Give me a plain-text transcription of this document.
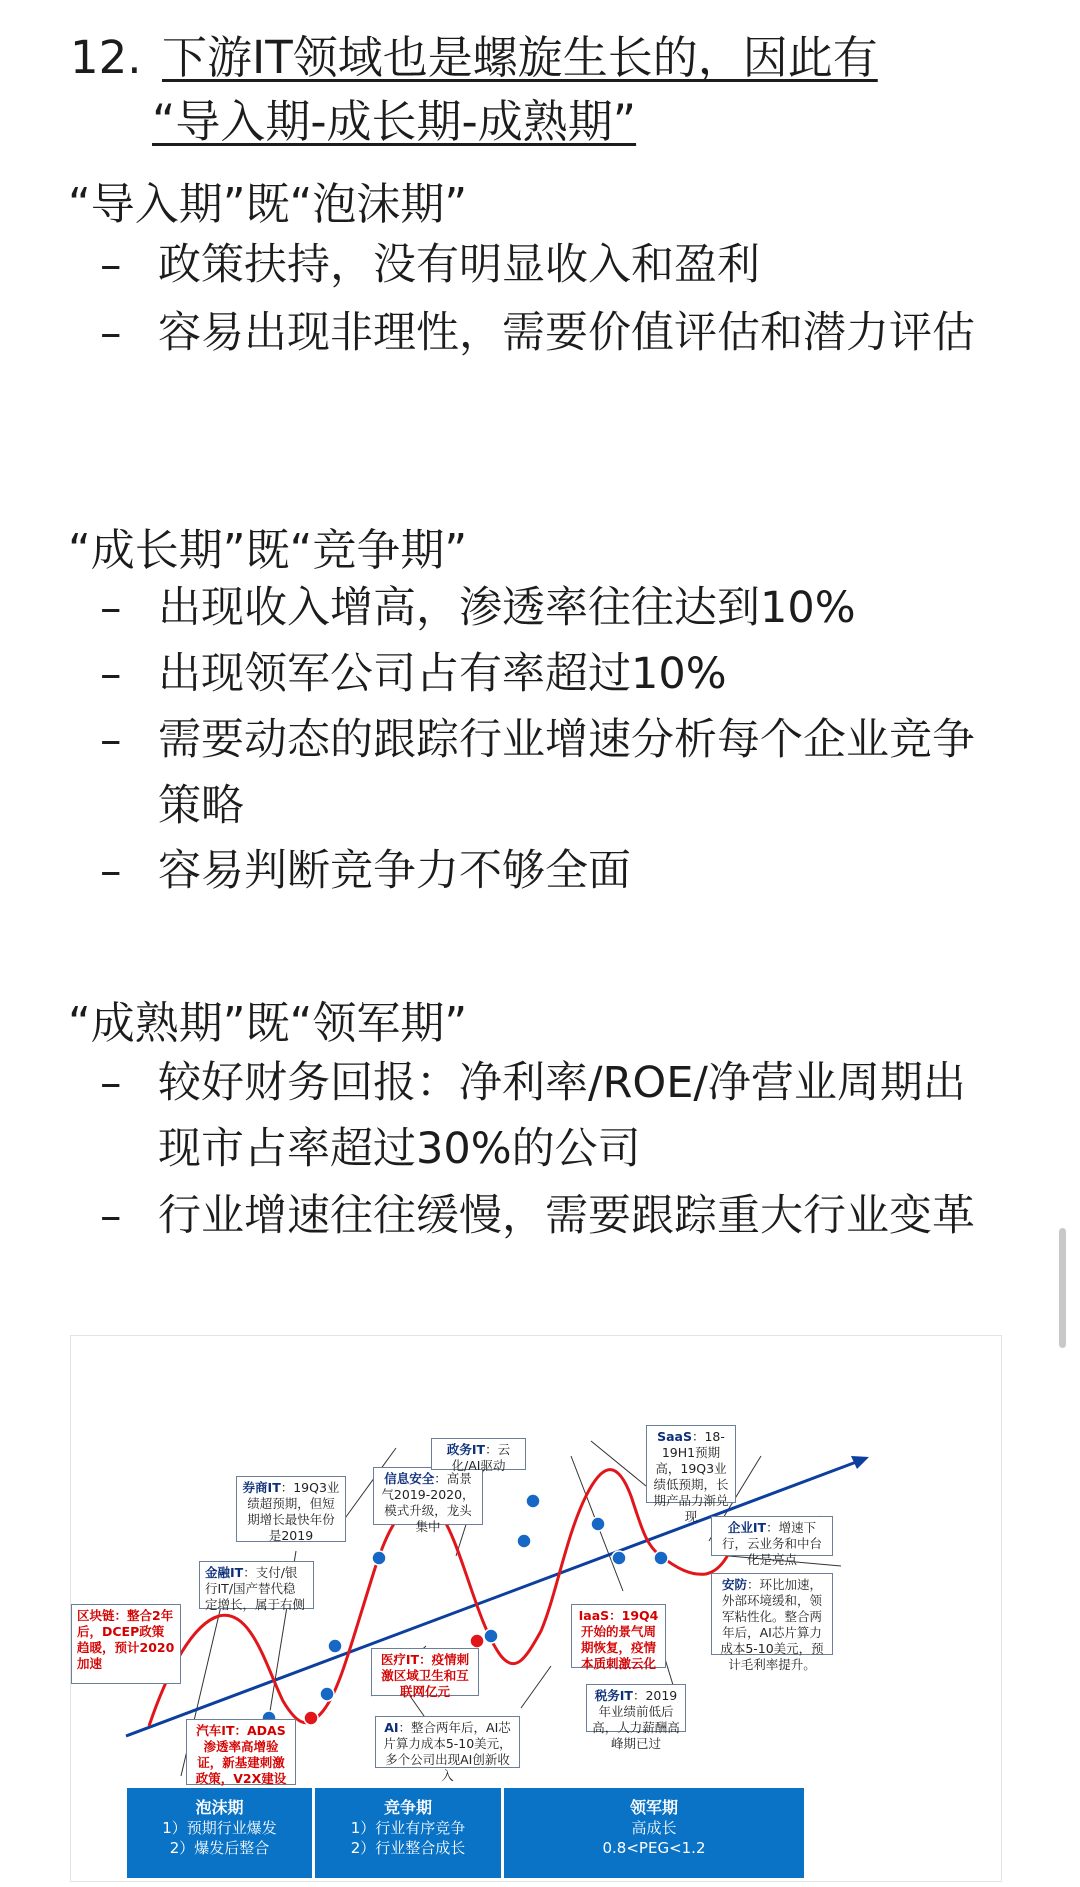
12. 下游IT领域也是螺旋生长的，因此有
“导入期-成长期-成熟期”
“导入期”既“泡沫期”
– 政策扶持，没有明显收入和盈利
– 容易出现非理性，需要价值评估和潜力评估
“成长期”既“竞争期”
– 出现收入增高，渗透率往往达到10%
– 出现领军公司占有率超过10%
– 需要动态的跟踪行业增速分析每个企业竞争策略
– 容易判断竞争力不够全面
“成熟期”既“领军期”
– 较好财务回报：净利率/ROE/净营业周期出现市占率超过30%的公司
– 行业增速往往缓慢，需要跟踪重大行业变革
区块链：整合2年后，DCEP政策趋暖，预计2020加速
金融IT：支付/银行IT/国产替代稳定增长，属于右侧
券商IT：19Q3业绩超预期，但短期增长最快年份是2019
信息安全：高景气2019-2020，模式升级，龙头集中
政务IT：云化/AI驱动
SaaS：18-19H1预期高，19Q3业绩低预期，长期产品力渐兑现
企业IT：增速下行，云业务和中台化是亮点
安防：环比加速，外部环境缓和，领军粘性化。整合两年后，AI芯片算力成本5-10美元，预计毛利率提升。
IaaS：19Q4开始的景气周期恢复，疫情本质刺激云化
税务IT：2019年业绩前低后高，人力薪酬高峰期已过
医疗IT：疫情刺激区域卫生和互联网亿元
AI：整合两年后，AI芯片算力成本5-10美元，多个公司出现AI创新收入
汽车IT：ADAS渗透率高增验证，新基建刺激政策，V2X建设
泡沫期
1）预期行业爆发
2）爆发后整合
竞争期
1）行业有序竞争
2）行业整合成长
领军期
高成长
0.8<PEG<1.2
